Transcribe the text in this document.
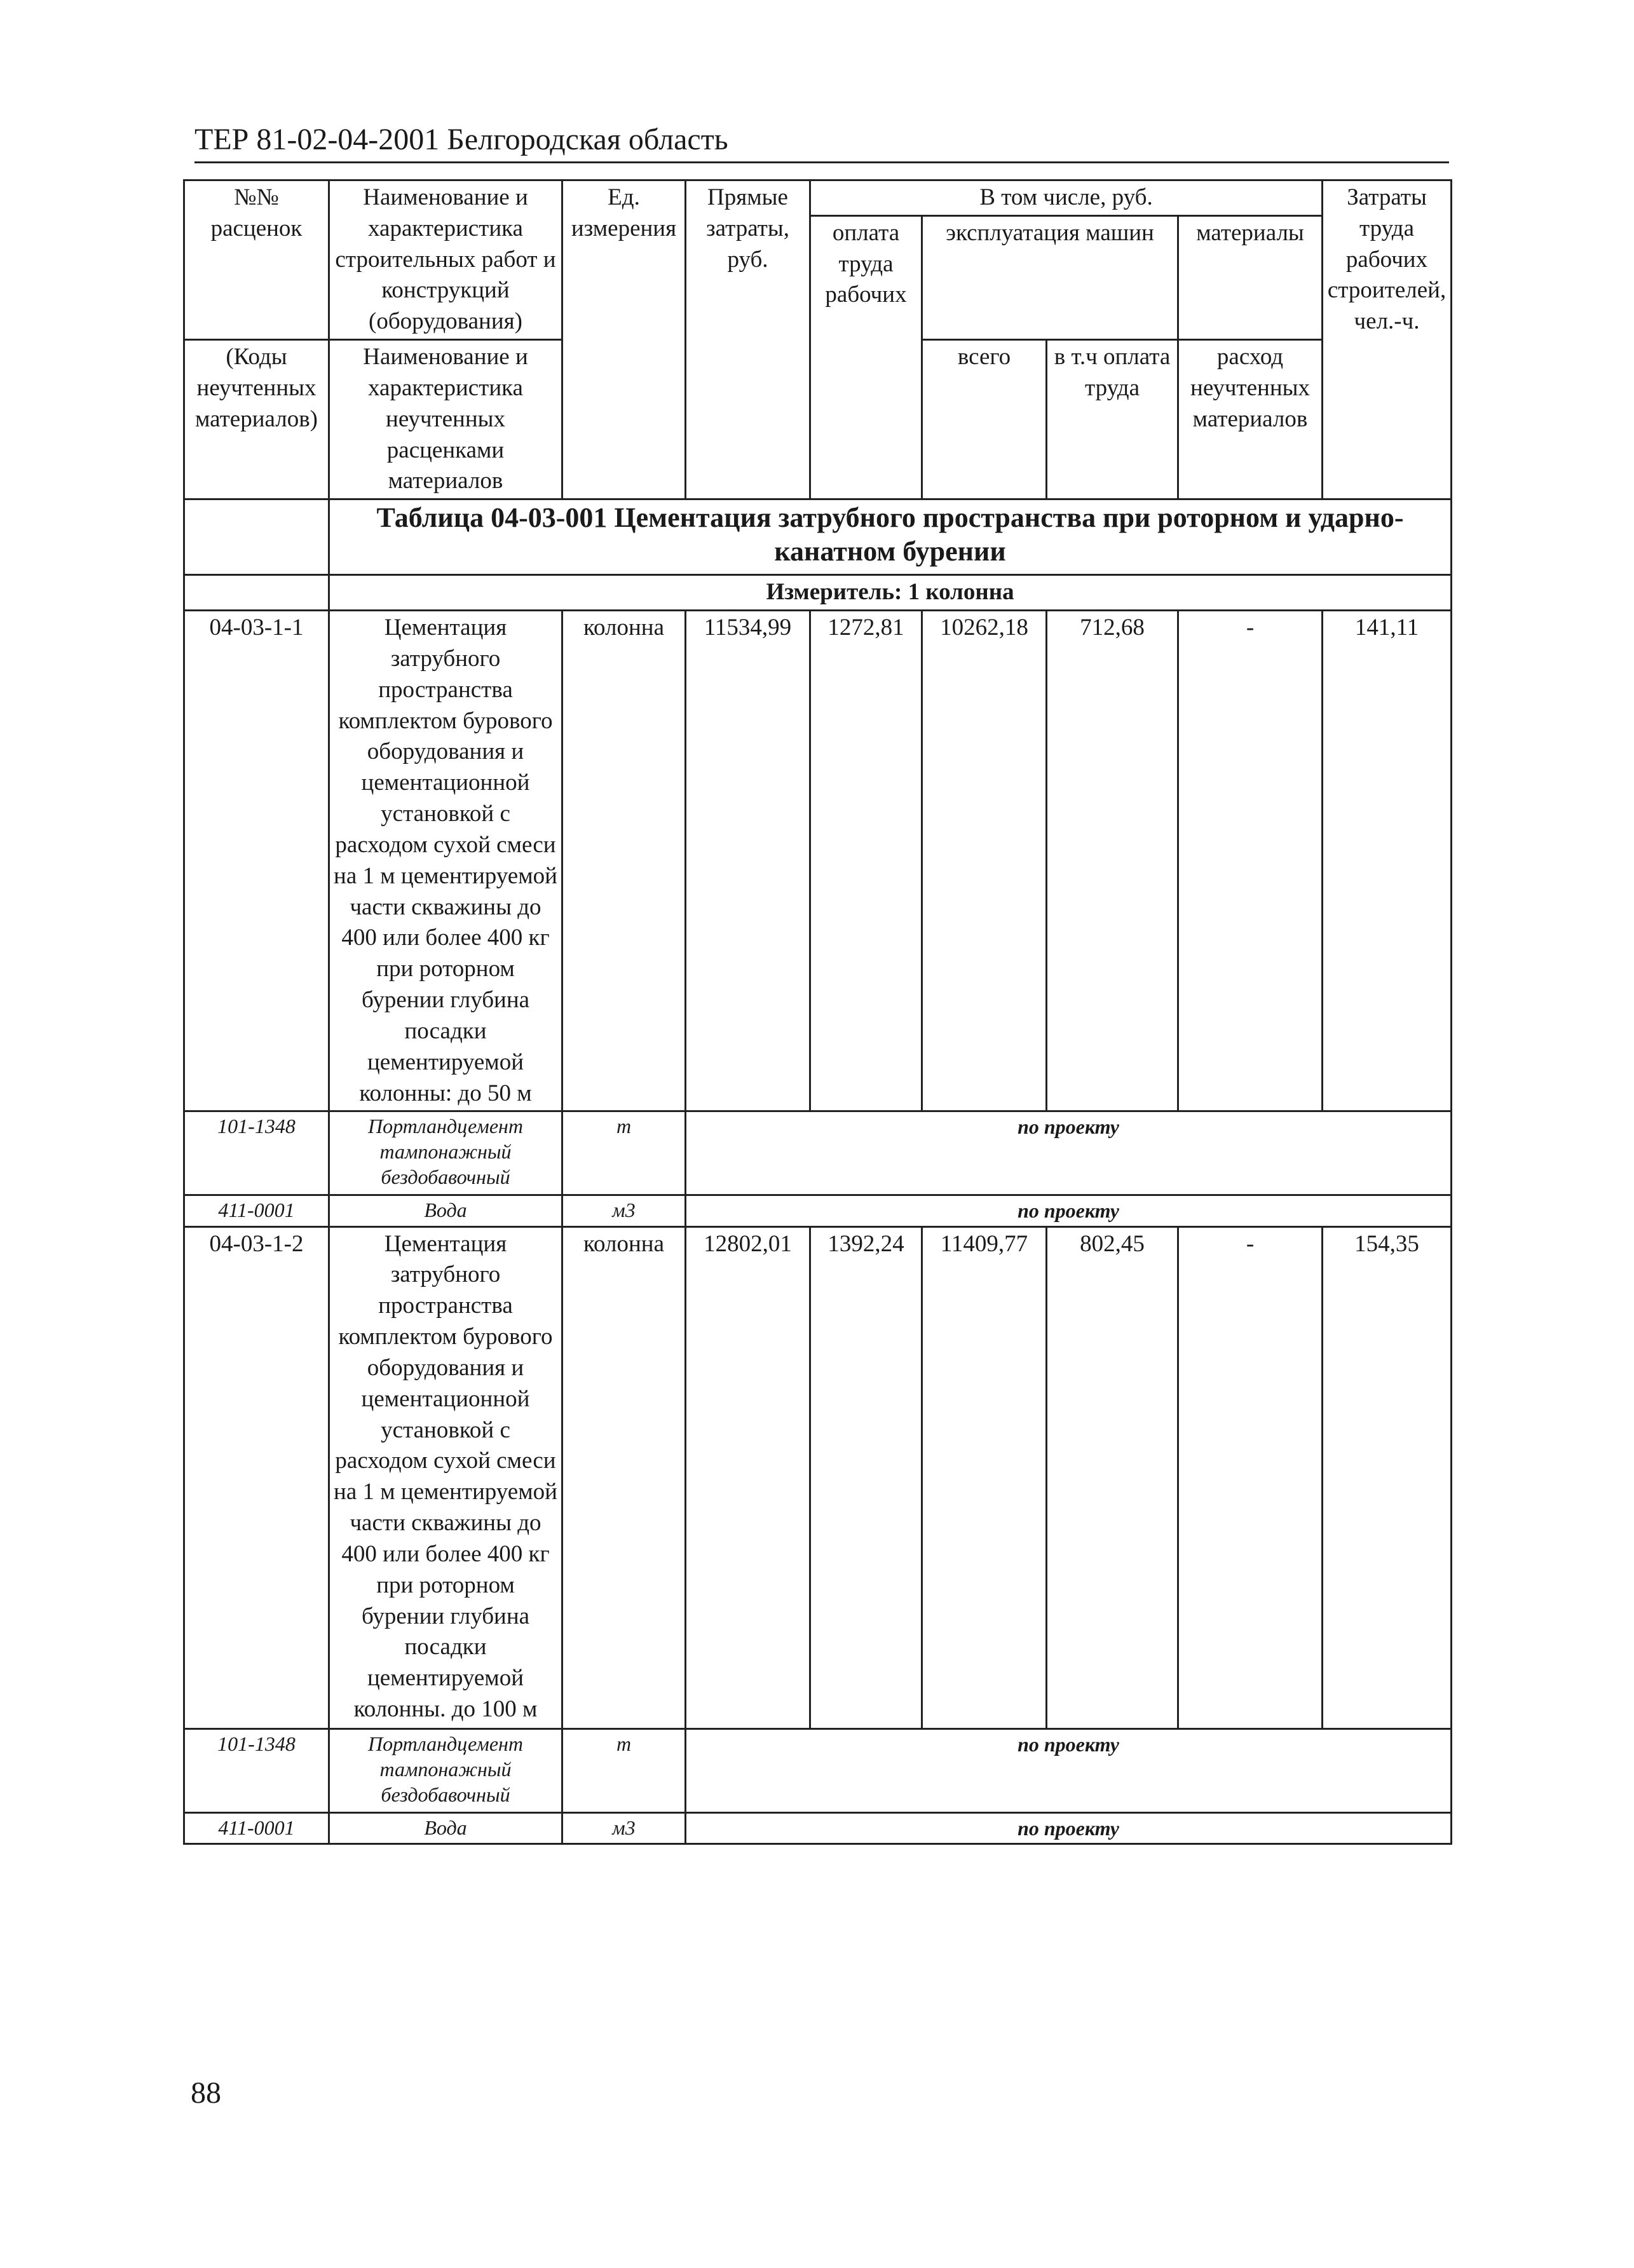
ТЕР 81-02-04-2001 Белгородская область
№№ расценок	Наименование и характеристика строительных работ и конструкций (оборудования)	Ед. измерения	Прямые затраты, руб.	В том числе, руб.				Затраты труда рабочих строителей, чел.-ч.
				оплата труда рабочих	эксплуатация машин		материалы	
(Коды неучтенных материалов)	Наименование и характеристика неучтенных расценками материалов				всего	в т.ч оплата труда	расход неучтенных материалов	
	Таблица 04-03-001 Цементация затрубного пространства при роторном и ударно-канатном бурении							
	Измеритель: 1 колонна							
04-03-1-1	Цементация затрубного пространства комплектом бурового оборудования и цементационной установкой с расходом сухой смеси на 1 м цементируемой части скважины до 400 или более 400 кг при роторном бурении глубина посадки цементируемой колонны: до 50 м	колонна	11534,99	1272,81	10262,18	712,68	-	141,11
101-1348	Портландцемент тампонажный бездобавочный	т	по проекту					
411-0001	Вода	м3	по проекту					
04-03-1-2	Цементация затрубного пространства комплектом бурового оборудования и цементационной установкой с расходом сухой смеси на 1 м цементируемой части скважины до 400 или более 400 кг при роторном бурении глубина посадки цементируемой колонны. до 100 м	колонна	12802,01	1392,24	11409,77	802,45	-	154,35
101-1348	Портландцемент тампонажный бездобавочный	т	по проекту					
411-0001	Вода	м3	по проекту					
88
